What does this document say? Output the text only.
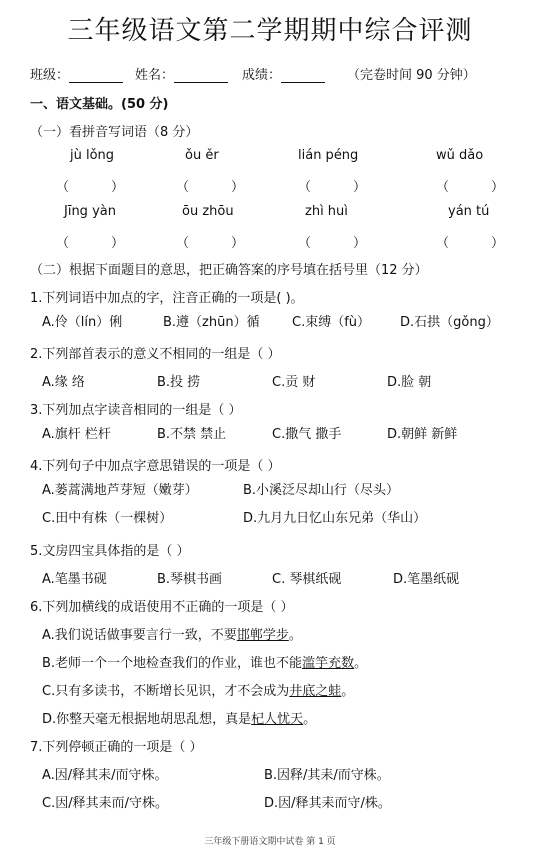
三年级语文第二学期期中综合评测
班级：	姓名：	成绩：	（完卷时间 90 分钟）
一、语文基础。(50 分)
（一）看拼音写词语（8 分）
jù lǒng	ǒu ěr	lián péng	wǔ dǎo
（	）	（	）	（	）	（	）
Jīng yàn	ōu zhōu	zhì huì	yán tú
（	）	（	）	（	）	（	）
（二）根据下面题目的意思，把正确答案的序号填在括号里（12 分）
1.下列词语中加点的字，注音正确的一项是( )。
A.伶（lín）俐	B.遵（zhūn）循 C.束缚（fù） D.石拱（gǒng）
2.下列部首表示的意义不相同的一组是（ ）
A.缘 络	B.投 捞	C.贡 财	D.脸 朝
3.下列加点字读音相同的一组是（ ）
A.旗杆 栏杆	B.不禁 禁止	C.撒气 撒手	D.朝鲜 新鲜
4.下列句子中加点字意思错误的一项是（ ）
A.蒌蒿满地芦芽短（嫩芽）	B.小溪泛尽却山行（尽头）
C.田中有株（一棵树）	D.九月九日忆山东兄弟（华山）
5.文房四宝具体指的是（ ）
A.笔墨书砚	B.琴棋书画	C. 琴棋纸砚	D.笔墨纸砚
6.下列加横线的成语使用不正确的一项是（ ）
A.我们说话做事要言行一致，不要邯郸学步。
B.老师一个一个地检查我们的作业，谁也不能滥竽充数。
C.只有多读书，不断增长见识，才不会成为井底之蛙。
D.你整天毫无根据地胡思乱想，真是杞人忧天。
7.下列停顿正确的一项是（ ）
A.因/释其耒/而守株。	B.因释/其耒/而守株。
C.因/释其耒而/守株。	D.因/释其耒而守/株。
三年级下册语文期中试卷 第 1 页
